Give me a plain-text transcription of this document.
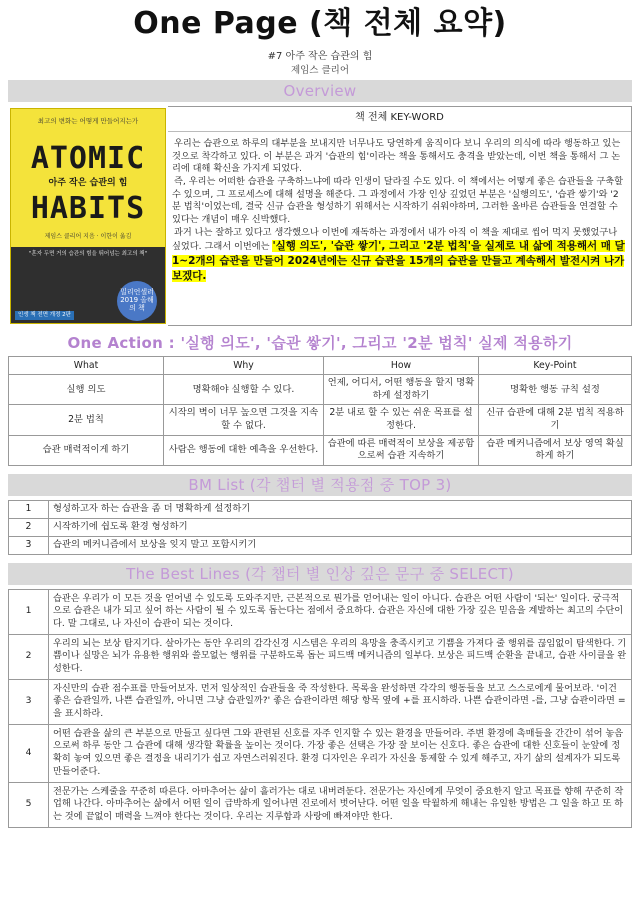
One Page (책 전체 요약)
#7 아주 작은 습관의 힘
제임스 클리어
Overview
최고의 변화는 어떻게 만들어지는가
ATOMIC
아주 작은 습관의 힘
HABITS
제임스 클리어 지음 · 이한이 옮김
"혼자 두면 거의 습관의 힘을 뛰어넘는 최고의 책"
밀리언셀러 2019 올해의 책
인생 책 전면 개정 2판
책 전체 KEY-WORD

우리는 습관으로 하루의 대부분을 보내지만 너무나도 당연하게 움직이다 보니 우리의 의식에 따라 행동하고 있는 것으로 착각하고 있다. 이 부분은 과거 '습관의 힘'이라는 책을 통해서도 충격을 받았는데, 이번 책을 통해서 그 논리에 대해 확신을 가지게 되었다.

즉, 우리는 어떠한 습관을 구축하느냐에 따라 인생이 달라질 수도 있다. 이 책에서는 어떻게 좋은 습관들을 구축할 수 있으며, 그 프로세스에 대해 설명을 해준다. 그 과정에서 가장 인상 깊었던 부분은 '실행의도', '습관 쌓기'와 '2분 법칙'이었는데, 결국 신규 습관을 형성하기 위해서는 시작하기 쉬워야하며, 그러한 올바른 습관들을 연결할 수 있다는 개념이 매우 신박했다.

과거 나는 잘하고 있다고 생각했으나 이번에 재독하는 과정에서 내가 아직 이 책을 제대로 씹어 먹지 못했었구나 싶었다. 그래서 이번에는 '실행 의도', '습관 쌓기', 그리고 '2분 법칙'을 실제로 내 삶에 적용해서 매 달 1~2개의 습관을 만들어 2024년에는 신규 습관을 15개의 습관을 만들고 계속해서 발전시켜 나가보겠다.

One Action : '실행 의도', '습관 쌓기', 그리고 '2분 법칙' 실제 적용하기
What	Why	How	Key-Point
실행 의도	명확해야 실행할 수 있다.	언제, 어디서, 어떤 행동을 할지 명확하게 설정하기	명확한 행동 규칙 설정
2분 법칙	시작의 벽이 너무 높으면 그것을 지속할 수 없다.	2분 내로 할 수 있는 쉬운 목표를 설정한다.	신규 습관에 대해 2분 법칙 적용하기
습관 매력적이게 하기	사람은 행동에 대한 예측을 우선한다.	습관에 따른 매력적이 보상을 제공함으로써 습관 지속하기	습관 메커니즘에서 보상 영역 확실하게 하기
BM List (각 챕터 별 적용점 중 TOP 3)
1	형성하고자 하는 습관을 좀 더 명확하게 설정하기
2	시작하기에 쉽도록 환경 형성하기
3	습관의 메커니즘에서 보상을 잊지 말고 포함시키기
The Best Lines (각 챕터 별 인상 깊은 문구 중 SELECT)
1	습관은 우리가 이 모든 것을 얻어낼 수 있도록 도와주지만, 근본적으로 뭔가를 얻어내는 일이 아니다. 습관은 어떤 사람이 '되는' 일이다. 궁극적으로 습관은 내가 되고 싶어 하는 사람이 될 수 있도록 돕는다는 점에서 중요하다. 습관은 자신에 대한 가장 깊은 믿음을 계발하는 최고의 수단이다. 말 그대로, 나 자신이 습관이 되는 것이다.
2	우리의 뇌는 보상 탐지기다. 살아가는 동안 우리의 감각신경 시스템은 우리의 욕망을 충족시키고 기쁨을 가져다 줄 행위를 끊임없이 탐색한다. 기쁨이나 실망은 뇌가 유용한 행위와 쓸모없는 행위를 구분하도록 돕는 피드백 메커니즘의 일부다. 보상은 피드백 순환을 끝내고, 습관 사이클을 완성한다.
3	자신만의 습관 점수표를 만들어보자. 먼저 일상적인 습관들을 죽 작성한다. 목록을 완성하면 각각의 행동들을 보고 스스로에게 물어보라. '이건 좋은 습관일까, 나쁜 습관일까, 아니면 그냥 습관일까?' 좋은 습관이라면 해당 항목 옆에 +를 표시하라. 나쁜 습관이라면 -를, 그냥 습관이라면 =을 표시하라.
4	어떤 습관을 삶의 큰 부분으로 만들고 싶다면 그와 관련된 신호를 자주 인지할 수 있는 환경을 만들어라. 주변 환경에 촉매들을 간간이 섞어 놓음으로써 하루 동안 그 습관에 대해 생각할 확률을 높이는 것이다. 가장 좋은 선택은 가장 잘 보이는 신호다. 좋은 습관에 대한 신호들이 눈앞에 정확히 놓여 있으면 좋은 결정을 내리기가 쉽고 자연스러워진다. 환경 디자인은 우리가 자신을 통제할 수 있게 해주고, 자기 삶의 설계자가 되도록 만들어준다.
5	전문가는 스케줄을 꾸준히 따른다. 아마추어는 삶이 흘러가는 대로 내버려둔다. 전문가는 자신에게 무엇이 중요한지 알고 목표를 향해 꾸준히 작업해 나간다. 아마추어는 삶에서 어떤 일이 급박하게 일어나면 진로에서 벗어난다. 어떤 일을 탁월하게 해내는 유일한 방법은 그 일을 하고 또 하는 것에 끝없이 매력을 느껴야 한다는 것이다. 우리는 지루함과 사랑에 빠져야만 한다.
